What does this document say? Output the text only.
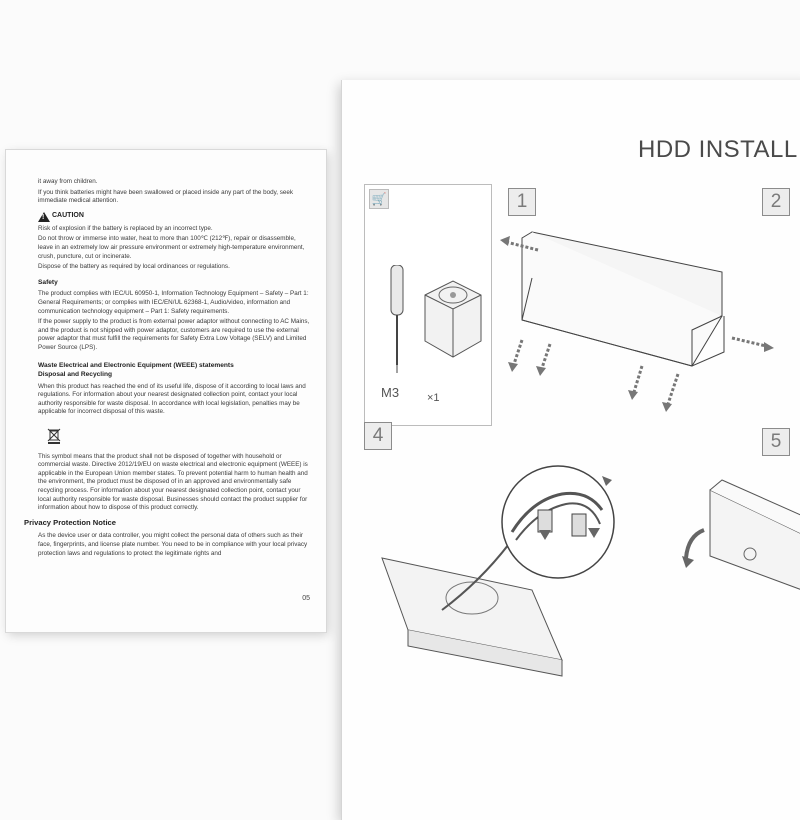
it away from children.

If you think batteries might have been swallowed or placed inside any part of the body, seek immediate medical attention.

!
CAUTION

Risk of explosion if the battery is replaced by an incorrect type.

Do not throw or immerse into water, heat to more than 100℃ (212℉), repair or disassemble, leave in an extremely low air pressure environment or extremely high-temperature environment, crush, puncture, cut or incinerate.

Dispose of the battery as required by local ordinances or regulations.

Safety

The product complies with IEC/UL 60950-1, Information Technology Equipment – Safety – Part 1: General Requirements; or complies with IEC/EN/UL 62368-1, Audio/video, information and communication technology equipment – Part 1: Safety requirements.

If the power supply to the product is from external power adaptor without connecting to AC Mains, and the product is not shipped with power adaptor, customers are required to use the external power adaptor that must fulfill the requirements for Safety Extra Low Voltage (SELV) and Limited Power Source (LPS).

Waste Electrical and Electronic Equipment (WEEE) statements
Disposal and Recycling

When this product has reached the end of its useful life, dispose of it according to local laws and regulations. For information about your nearest designated collection point, contact your local authority responsible for waste disposal. In accordance with local legislation, penalties may be applicable for incorrect disposal of this waste.

This symbol means that the product shall not be disposed of together with household or commercial waste. Directive 2012/19/EU on waste electrical and electronic equipment (WEEE) is applicable in the European Union member states. To prevent potential harm to human health and the environment, the product must be disposed of in an approved and environmentally safe recycling process. For information about your nearest designated collection point, contact your local authority responsible for waste disposal. Businesses should contact the product supplier for information about how to dispose of this product correctly.

Privacy Protection Notice

As the device user or data controller, you might collect the personal data of others such as their face, fingerprints, and license plate number. You need to be in compliance with your local privacy protection laws and regulations to protect the legitimate rights and

05
HDD INSTALL
🛒
M3	×1
1	2
4	5
